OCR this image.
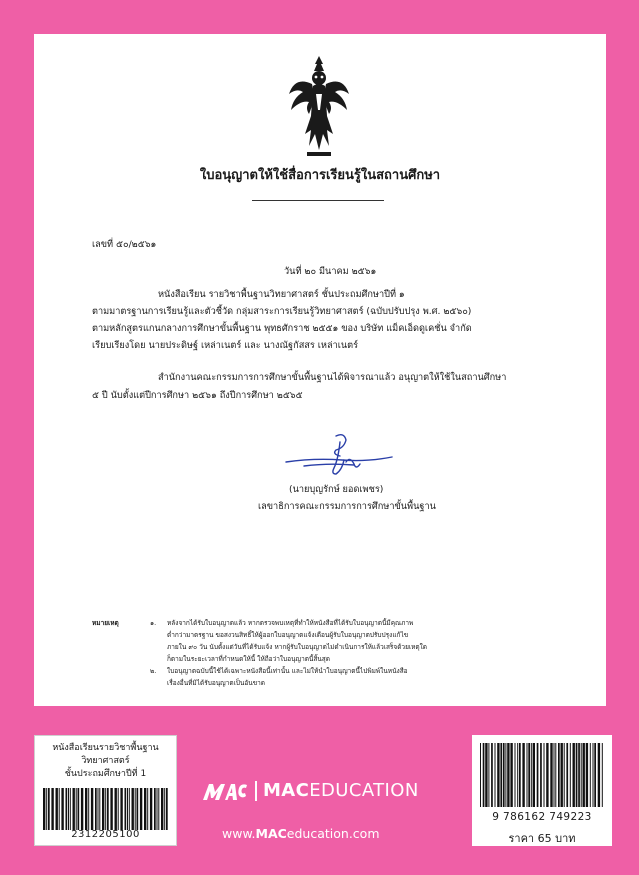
ใบอนุญาตให้ใช้สื่อการเรียนรู้ในสถานศึกษา
เลขที่ ๕๐/๒๕๖๑
วันที่ ๒๐ มีนาคม ๒๕๖๑
หนังสือเรียน รายวิชาพื้นฐานวิทยาศาสตร์ ชั้นประถมศึกษาปีที่ ๑
ตามมาตรฐานการเรียนรู้และตัวชี้วัด กลุ่มสาระการเรียนรู้วิทยาศาสตร์ (ฉบับปรับปรุง พ.ศ. ๒๕๖๐)
ตามหลักสูตรแกนกลางการศึกษาขั้นพื้นฐาน พุทธศักราช ๒๕๕๑ ของ บริษัท แม็คเอ็ดดูเคชั่น จำกัด
เรียบเรียงโดย นายประดิษฐ์ เหล่าเนตร์ และ นางณัฐกัสสร เหล่าเนตร์
สำนักงานคณะกรรมการการศึกษาขั้นพื้นฐานได้พิจารณาแล้ว อนุญาตให้ใช้ในสถานศึกษา
๕ ปี นับตั้งแต่ปีการศึกษา ๒๕๖๑ ถึงปีการศึกษา ๒๕๖๕
(นายบุญรักษ์ ยอดเพชร)
เลขาธิการคณะกรรมการการศึกษาขั้นพื้นฐาน
หมายเหตุ	๑. หลังจากได้รับใบอนุญาตแล้ว หากตรวจพบเหตุที่ทำให้หนังสือที่ได้รับใบอนุญาตนี้มีคุณภาพ
ต่ำกว่ามาตรฐาน ขอสงวนสิทธิ์ให้ผู้ออกใบอนุญาตแจ้งเตือนผู้รับใบอนุญาตปรับปรุงแก้ไข
ภายใน ๙๐ วัน นับตั้งแต่วันที่ได้รับแจ้ง หากผู้รับใบอนุญาตไม่ดำเนินการให้แล้วเสร็จด้วยเหตุใด
ก็ตามในระยะเวลาที่กำหนดให้นี้ ให้ถือว่าใบอนุญาตนี้สิ้นสุด
๒. ใบอนุญาตฉบับนี้ใช้ได้เฉพาะหนังสือนี้เท่านั้น และไม่ให้นำใบอนุญาตนี้ไปพิมพ์ในหนังสือ
เรื่องอื่นที่มิได้รับอนุญาตเป็นอันขาด
หนังสือเรียนรายวิชาพื้นฐาน
วิทยาศาสตร์
ชั้นประถมศึกษาปีที่ 1
2312205100
MACEDUCATION
www.MACeducation.com
9 786162 749223
ราคา 65 บาท
